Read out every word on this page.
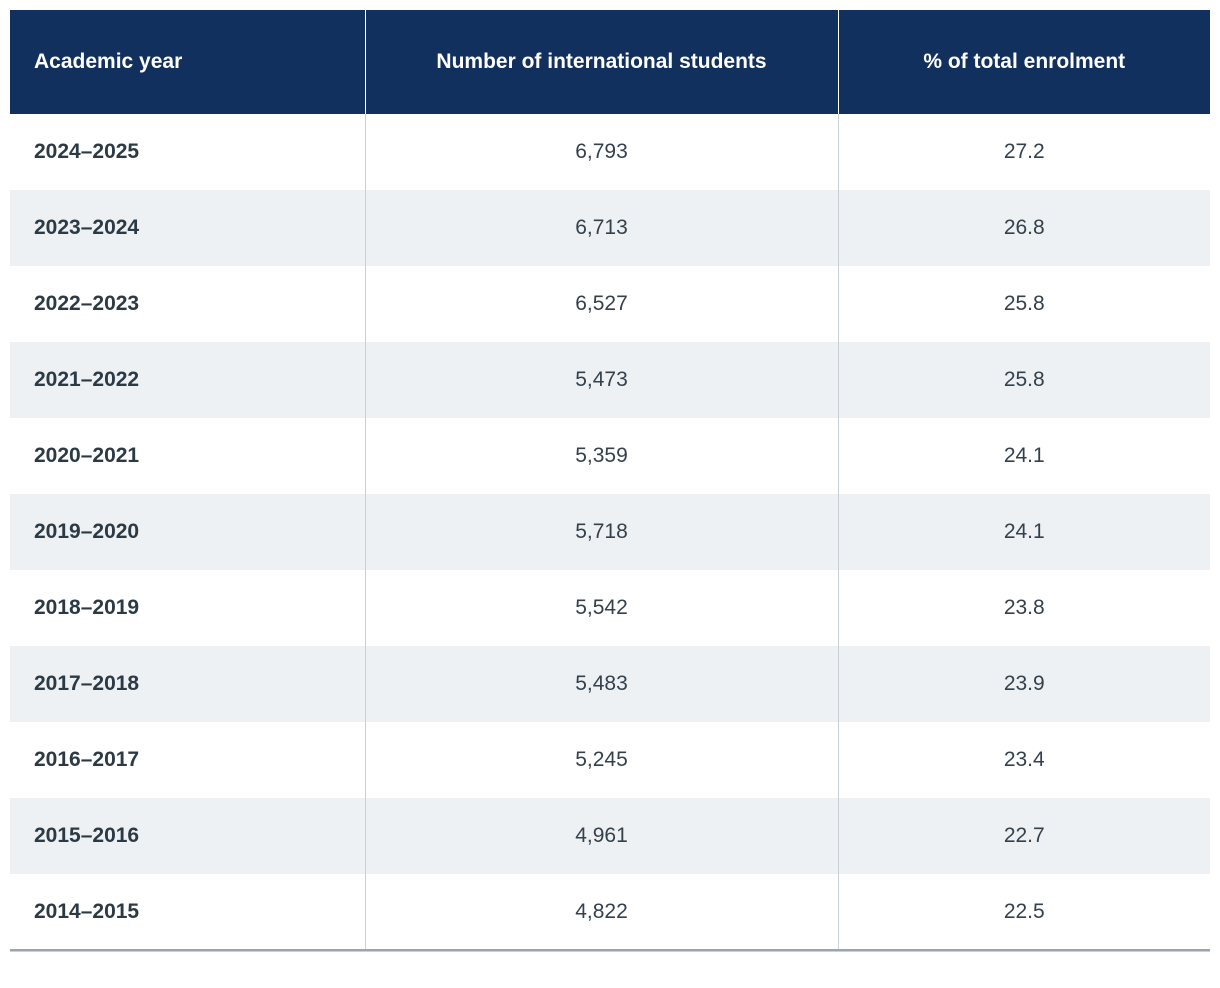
Academic year	Number of international students	% of total enrolment
2024–2025	6,793	27.2
2023–2024	6,713	26.8
2022–2023	6,527	25.8
2021–2022	5,473	25.8
2020–2021	5,359	24.1
2019–2020	5,718	24.1
2018–2019	5,542	23.8
2017–2018	5,483	23.9
2016–2017	5,245	23.4
2015–2016	4,961	22.7
2014–2015	4,822	22.5
